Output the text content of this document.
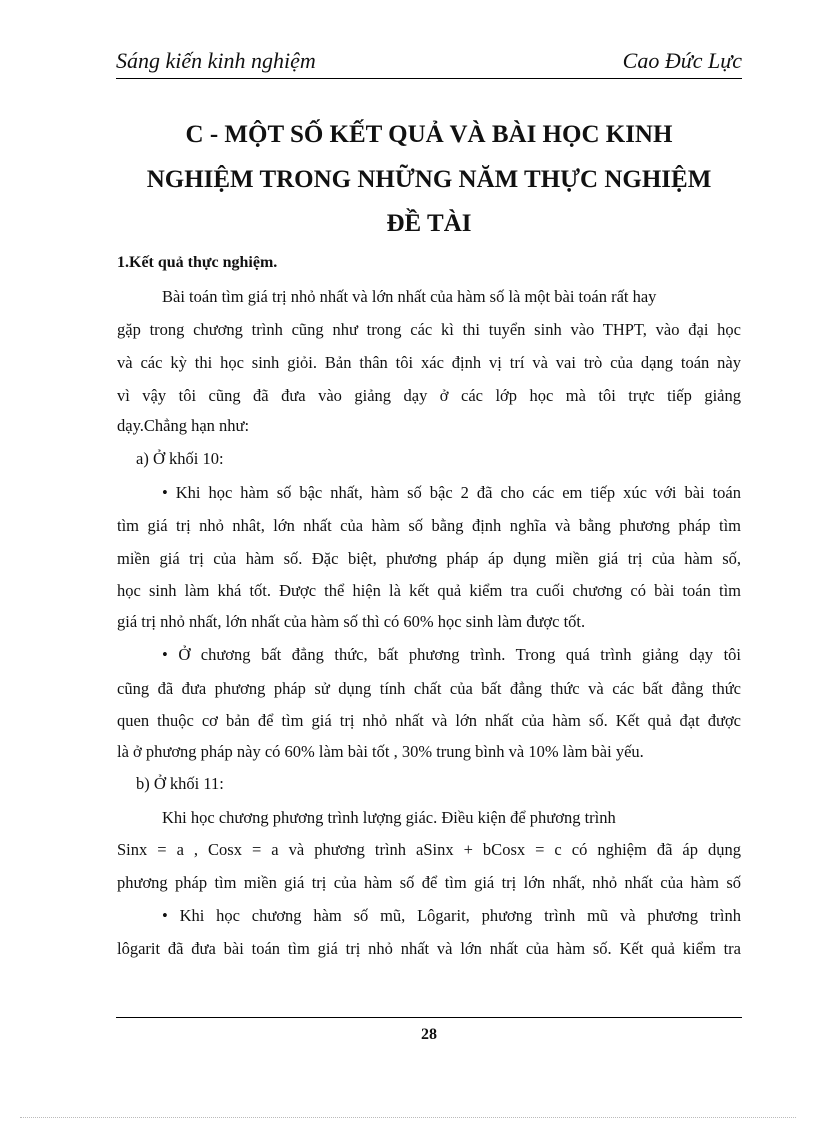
Sáng kiến kinh nghiệm	Cao Đức Lực
C - MỘT SỐ KẾT QUẢ VÀ BÀI HỌC KINH
NGHIỆM TRONG NHỮNG NĂM THỰC NGHIỆM
ĐỀ TÀI
1.Kết quả thực nghiệm.
Bài toán tìm giá trị nhỏ nhất và lớn nhất của hàm số là một bài toán rất hay
gặp trong chương trình cũng như trong các kì thi tuyển sinh vào THPT, vào đại học
và các kỳ thi học sinh giỏi. Bản thân tôi xác định vị trí và vai trò của dạng toán này
vì vậy tôi cũng đã đưa vào giảng dạy ở các lớp học mà tôi trực tiếp giảng
dạy.Chẳng hạn như:
a) Ở khối 10:
• Khi học hàm số bậc nhất, hàm số bậc 2 đã cho các em tiếp xúc với bài toán
tìm giá trị nhỏ nhât, lớn nhất của hàm số bằng định nghĩa và bằng phương pháp tìm
miền giá trị của hàm số. Đặc biệt, phương pháp áp dụng miền giá trị của hàm số,
học sinh làm khá tốt. Được thể hiện là kết quả kiểm tra cuối chương có bài toán tìm
giá trị nhỏ nhất, lớn nhất của hàm số thì có 60% học sinh làm được tốt.
• Ở chương bất đẳng thức, bất phương trình. Trong quá trình giảng dạy tôi
cũng đã đưa phương pháp sử dụng tính chất của bất đẳng thức và các bất đẳng thức
quen thuộc cơ bản để tìm giá trị nhỏ nhất và lớn nhất của hàm số. Kết quả đạt được
là ở phương pháp này có 60% làm bài tốt , 30% trung bình và 10% làm bài yếu.
b) Ở khối 11:
Khi học chương phương trình lượng giác. Điều kiện để phương trình
Sinx = a , Cosx = a và phương trình aSinx + bCosx = c có nghiệm đã áp dụng
phương pháp tìm miền giá trị của hàm số để tìm giá trị lớn nhất, nhỏ nhất của hàm số
• Khi học chương hàm số mũ, Lôgarit, phương trình mũ và phương trình
lôgarit đã đưa bài toán tìm giá trị nhỏ nhất và lớn nhất của hàm số. Kết quả kiểm tra
28
